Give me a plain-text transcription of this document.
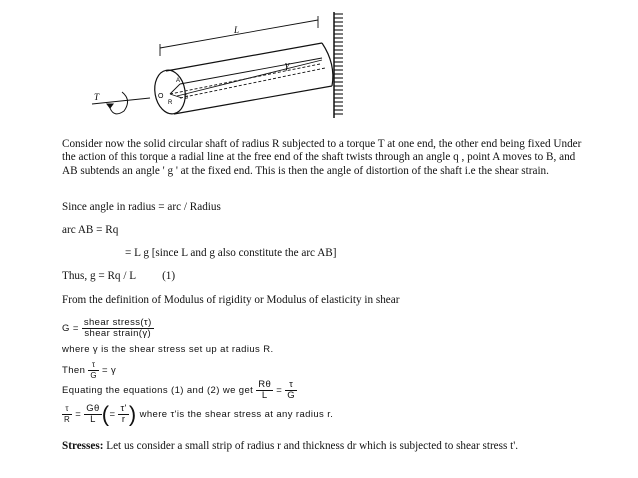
L
γ
T
A
B
O
R
Consider now the solid circular shaft of radius R subjected to a torque T at one end, the other end being fixed Under the action of this torque a radial line at the free end of the shaft twists through an angle q , point A moves to B, and AB subtends an angle ' g ' at the fixed end. This is then the angle of distortion of the shaft i.e the shear strain.
Since angle in radius = arc / Radius
arc AB = Rq
= L g [since L and g also constitute the arc AB]
Thus, g = Rq / L (1)
From the definition of Modulus of rigidity or Modulus of elasticity in shear
$G = \frac{\text{shear stress(τ)}}{\text{shear strain(γ)}}$
where γ is the shear stress set up at radius R.
Then $\frac{\tau}{G} = \gamma$
Equating the equations (1) and (2) we get $\frac{R\theta}{L} = \frac{\tau}{G}$
$\frac{\tau}{R} = \frac{G\theta}{L}$ (= $\frac{\tau'}{r}$ ) where τ'is the shear stress at any radius r.
Stresses: Let us consider a small strip of radius r and thickness dr which is subjected to shear stress t'.
